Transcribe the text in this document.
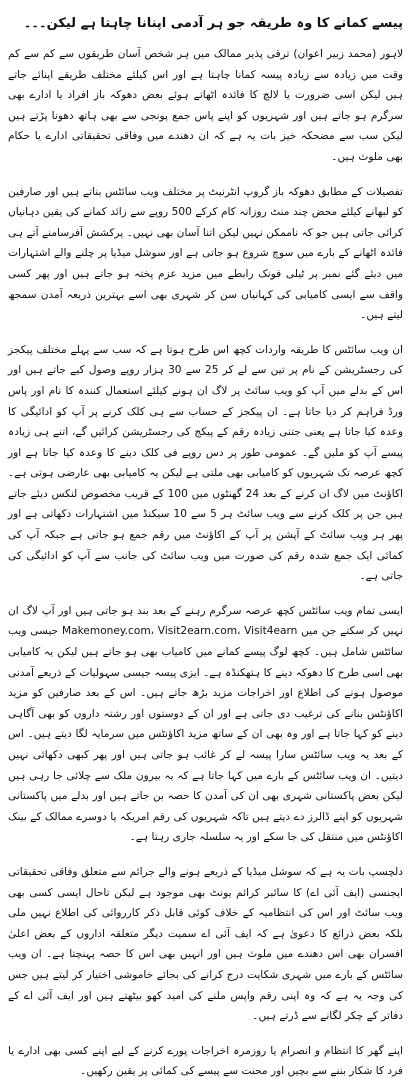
پیسے کمانے کا وہ طریقہ جو ہر آدمی اپنانا چاہتا ہے لیکن۔۔۔
لاہور (محمد زبیر اعوان) ترقی پذیر ممالک میں ہر شخص آسان طریقوں سے کم سے کم وقت میں زیادہ سے زیادہ پیسہ کمانا چاہتا ہے اور اس کیلئے مختلف طریقے اپنائے جاتے ہیں لیکن اسی ضرورت یا لالچ کا فائدہ اٹھاتے ہوئے بعض دھوکہ باز افراد یا ادارے بھی سرگرم ہو جاتے ہیں اور شہریوں کو اپنے پاس جمع پونجی سے بھی ہاتھ دھونا پڑتے ہیں لیکن سب سے مضحکہ خیز بات یہ ہے کہ ان دھندے میں وفاقی تحقیقاتی ادارے یا حکام بھی ملوث ہیں۔
تفصیلات کے مطابق دھوکہ باز گروپ انٹرنیٹ پر مختلف ویب سائٹس بناتے ہیں اور صارفین کو لبھانے کیلئے محض چند منٹ روزانہ کام کرکے 500 روپے سے زائد کمانے کی یقین دہانیاں کرائی جاتی ہیں جو کہ ناممکن نہیں لیکن اتنا آسان بھی نہیں۔ پرکشش آفرسامنے آتے ہی فائدہ اٹھانے کے بارے میں سوچ شروع ہو جاتی ہے اور سوشل میڈیا پر چلنے والے اشتہارات میں دیئے گئے نمبر پر ٹیلی فونک رابطے میں مزید عزم پختہ ہو جاتے ہیں اور پھر کسی واقف سے ایسی کامیابی کی کہانیاں سن کر شہری بھی اسے بہترین ذریعہ آمدن سمجھ لیتے ہیں۔
ان ویب سائٹس کا طریقہ واردات کچھ اس طرح ہوتا ہے کہ سب سے پہلے مختلف پیکجز کی رجسٹریشن کے نام پر تین سے لے کر 25 سے 30 ہزار روپے وصول کیے جاتے ہیں اور اس کے بدلے میں آپ کو ویب سائٹ پر لاگ ان ہونے کیلئے استعمال کنندہ کا نام اور پاس ورڈ فراہم کر دیا جاتا ہے۔ ان پیکجز کے حساب سے ہی کلک کرنے پر آپ کو ادائیگی کا وعدہ کیا جاتا ہے یعنی جتنی زیادہ رقم کے پیکج کی رجسٹریشن کرائیں گے، اتنے ہی زیادہ پیسے آپ کو ملیں گے۔ عمومی طور پر دس روپے فی کلک دینے کا وعدہ کیا جاتا ہے اور کچھ عرصہ تک شہریوں کو کامیابی بھی ملتی ہے لیکن یہ کامیابی بھی عارضی ہوتی ہے۔ اکاؤنٹ میں لاگ ان کرنے کے بعد 24 گھنٹوں میں 100 کے قریب مخصوص لنکس دیئے جاتے ہیں جن پر کلک کرنے سے ویب سائٹ ہر 5 سے 10 سیکنڈ میں اشتہارات دکھاتی ہے اور پھر ہر ویب سائٹ کے آپشن پر آپ کے اکاؤنٹ میں رقم جمع ہو جاتی ہے جبکہ آپ کی کمائی ایک جمع شدہ رقم کی صورت میں ویب سائٹ کی جانب سے آپ کو ادائیگی کی جاتی ہے۔
ایسی تمام ویب سائٹس کچھ عرصہ سرگرم رہنے کے بعد بند ہو جاتی ہیں اور آپ لاگ ان نہیں کر سکتے جن میں Makemoney.com، Visit2earn.com، Visit4earn جیسی ویب سائٹس شامل ہیں۔ کچھ لوگ پیسے کمانے میں کامیاب بھی ہو جاتے ہیں لیکن یہ کامیابی بھی اسی طرح کا دھوکہ دینے کا ہتھکنڈہ ہے۔ ایزی پیسہ جیسی سہولیات کے ذریعے آمدنی موصول ہونے کی اطلاع اور اخراجات مزید بڑھ جاتے ہیں۔ اس کے بعد صارفین کو مزید اکاؤنٹس بنانے کی ترغیب دی جاتی ہے اور ان کے دوستوں اور رشتہ داروں کو بھی آگاہی دینے کو کہا جاتا ہے اور وہ بھی ان کے ساتھ مزید اکاؤنٹس میں سرمایہ لگا دیتے ہیں۔ اس کے بعد یہ ویب سائٹس سارا پیسہ لے کر غائب ہو جاتی ہیں اور پھر کبھی دکھائی نہیں دیتیں۔ ان ویب سائٹس کے بارے میں کہا جاتا ہے کہ یہ بیرون ملک سے چلائی جا رہی ہیں لیکن بعض پاکستانی شہری بھی ان کی آمدن کا حصہ بن جاتے ہیں اور بدلے میں پاکستانی شہریوں کو اپنے ڈالرز دے دیتے ہیں تاکہ شہریوں کی رقم امریکہ یا دوسرے ممالک کے بینک اکاؤنٹس میں منتقل کی جا سکے اور یہ سلسلہ جاری رہتا ہے۔
دلچسپ بات یہ ہے کہ سوشل میڈیا کے ذریعے ہونے والے جرائم سے متعلق وفاقی تحقیقاتی ایجنسی (ایف آئی اے) کا سائبر کرائم یونٹ بھی موجود ہے لیکن تاحال ایسی کسی بھی ویب سائٹ اور اس کی انتظامیہ کے خلاف کوئی قابل ذکر کارروائی کی اطلاع نہیں ملی بلکہ بعض ذرائع کا دعویٰ ہے کہ ایف آئی اے سمیت دیگر متعلقہ اداروں کے بعض اعلیٰ افسران بھی اس دھندے میں ملوث ہیں اور انہیں بھی اس کا حصہ پہنچتا ہے۔ ان ویب سائٹس کے بارے میں شہری شکایت درج کرانے کی بجائے خاموشی اختیار کر لیتے ہیں جس کی وجہ یہ ہے کہ وہ اپنی رقم واپس ملنے کی امید کھو بیٹھتے ہیں اور ایف آئی اے کے دفاتر کے چکر لگانے سے ڈرتے ہیں۔
اپنے گھر کا انتظام و انصرام یا روزمرہ اخراجات پورے کرنے کے لیے اپنے کسی بھی ادارے یا فرد کا شکار بننے سے بچیں اور محنت سے پیسے کی کمائی پر یقین رکھیں۔
